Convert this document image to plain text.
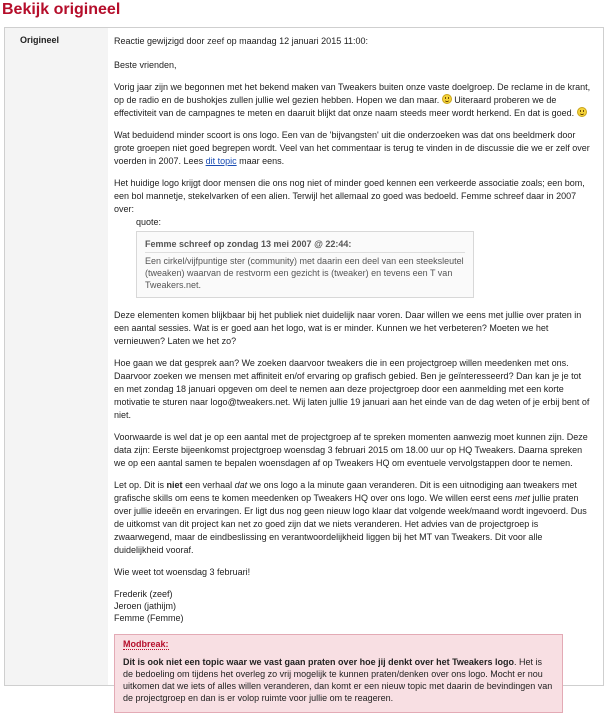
Bekijk origineel
Origineel	Reactie gewijzigd door zeef op maandag 12 januari 2015 11:00:

Beste vrienden,

Vorig jaar zijn we begonnen met het bekend maken van Tweakers buiten onze vaste doelgroep. De reclame in de krant, op de radio en de bushokjes zullen jullie wel gezien hebben. Hopen we dan maar. Uiteraard proberen we de effectiviteit van de campagnes te meten en daaruit blijkt dat onze naam steeds meer wordt herkend. En dat is goed.

Wat beduidend minder scoort is ons logo. Een van de 'bijvangsten' uit die onderzoeken was dat ons beeldmerk door grote groepen niet goed begrepen wordt. Veel van het commentaar is terug te vinden in de discussie die we er zelf over voerden in 2007. Lees dit topic maar eens.

Het huidige logo krijgt door mensen die ons nog niet of minder goed kennen een verkeerde associatie zoals; een bom, een bol mannetje, stekelvarken of een alien. Terwijl het allemaal zo goed was bedoeld. Femme schreef daar in 2007 over:

quote:
Femme schreef op zondag 13 mei 2007 @ 22:44:
Een cirkel/vijfpuntige ster (community) met daarin een deel van een steeksleutel (tweaken) waarvan de restvorm een gezicht is (tweaker) en tevens een T van Tweakers.net.

Deze elementen komen blijkbaar bij het publiek niet duidelijk naar voren. Daar willen we eens met jullie over praten in een aantal sessies. Wat is er goed aan het logo, wat is er minder. Kunnen we het verbeteren? Moeten we het vernieuwen? Laten we het zo?

Hoe gaan we dat gesprek aan? We zoeken daarvoor tweakers die in een projectgroep willen meedenken met ons. Daarvoor zoeken we mensen met affiniteit en/of ervaring op grafisch gebied. Ben je geïnteresseerd? Dan kan je je tot en met zondag 18 januari opgeven om deel te nemen aan deze projectgroep door een aanmelding met een korte motivatie te sturen naar logo@tweakers.net. Wij laten jullie 19 januari aan het einde van de dag weten of je erbij bent of niet.

Voorwaarde is wel dat je op een aantal met de projectgroep af te spreken momenten aanwezig moet kunnen zijn. Deze data zijn: Eerste bijeenkomst projectgroep woensdag 3 februari 2015 om 18.00 uur op HQ Tweakers. Daarna spreken we op een aantal samen te bepalen woensdagen af op Tweakers HQ om eventuele vervolgstappen door te nemen.

Let op. Dit is niet een verhaal dat we ons logo a la minute gaan veranderen. Dit is een uitnodiging aan tweakers met grafische skills om eens te komen meedenken op Tweakers HQ over ons logo. We willen eerst eens met jullie praten over jullie ideeën en ervaringen. Er ligt dus nog geen nieuw logo klaar dat volgende week/maand wordt ingevoerd. Dus de uitkomst van dit project kan net zo goed zijn dat we niets veranderen. Het advies van de projectgroep is zwaarwegend, maar de eindbeslissing en verantwoordelijkheid liggen bij het MT van Tweakers. Dit voor alle duidelijkheid vooraf.

Wie weet tot woensdag 3 februari!

Frederik (zeef)
Jeroen (jathijm)
Femme (Femme)
Modbreak:
Dit is ook niet een topic waar we vast gaan praten over hoe jij denkt over het Tweakers logo. Het is de bedoeling om tijdens het overleg zo vrij mogelijk te kunnen praten/denken over ons logo. Mocht er nou uitkomen dat we iets of alles willen veranderen, dan komt er een nieuw topic met daarin de bevindingen van de projectgroep en dan is er volop ruimte voor jullie om te reageren.
